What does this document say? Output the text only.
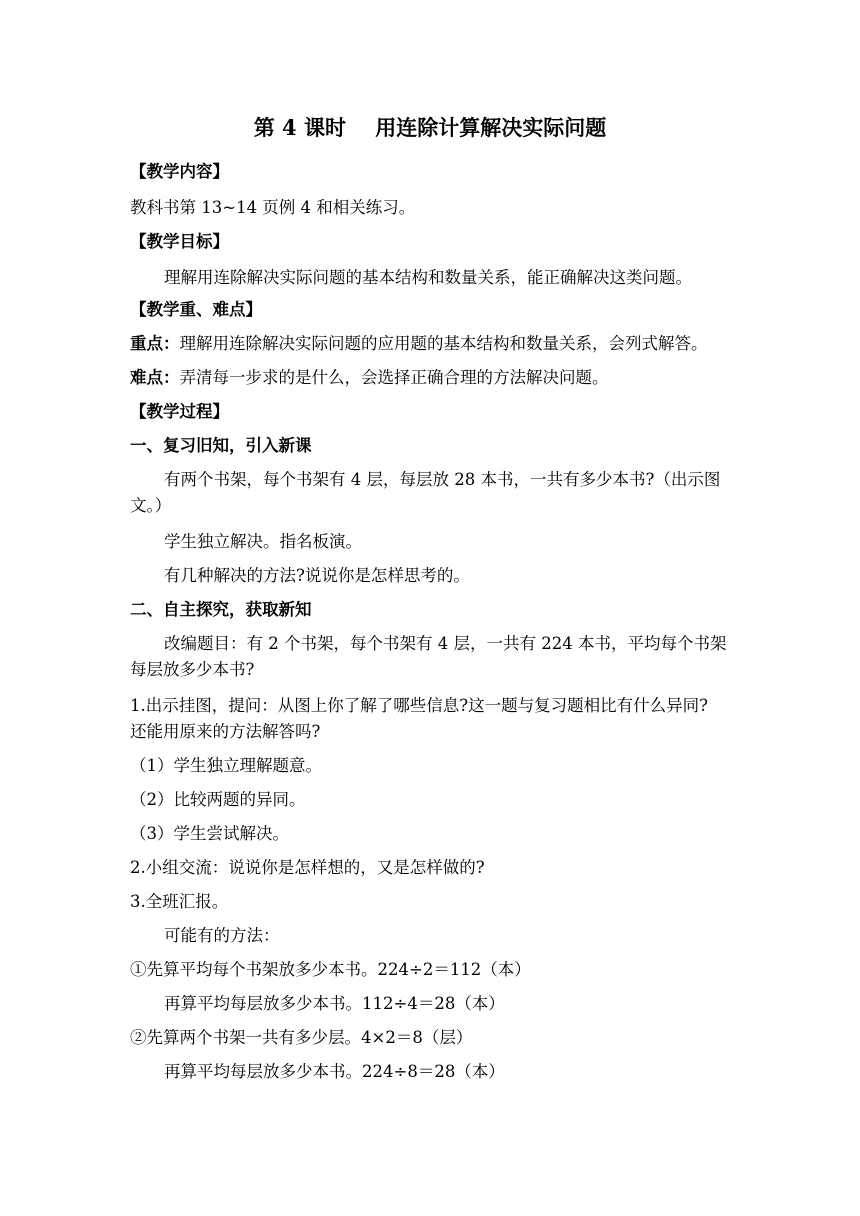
第 4 课时    用连除计算解决实际问题
【教学内容】
教科书第 13~14 页例 4 和相关练习。
【教学目标】
理解用连除解决实际问题的基本结构和数量关系，能正确解决这类问题。
【教学重、难点】
重点：理解用连除解决实际问题的应用题的基本结构和数量关系，会列式解答。
难点：弄清每一步求的是什么，会选择正确合理的方法解决问题。
【教学过程】
一、复习旧知，引入新课
有两个书架，每个书架有 4 层，每层放 28 本书，一共有多少本书?（出示图
文。）
学生独立解决。指名板演。
有几种解决的方法?说说你是怎样思考的。
二、自主探究，获取新知
改编题目：有 2 个书架，每个书架有 4 层，一共有 224 本书，平均每个书架
每层放多少本书?
1.出示挂图，提问：从图上你了解了哪些信息?这一题与复习题相比有什么异同?
还能用原来的方法解答吗?
（1）学生独立理解题意。
（2）比较两题的异同。
（3）学生尝试解决。
2.小组交流：说说你是怎样想的，又是怎样做的?
3.全班汇报。
可能有的方法：
①先算平均每个书架放多少本书。224÷2＝112（本）
再算平均每层放多少本书。112÷4＝28（本）
②先算两个书架一共有多少层。4×2＝8（层）
再算平均每层放多少本书。224÷8＝28（本）
